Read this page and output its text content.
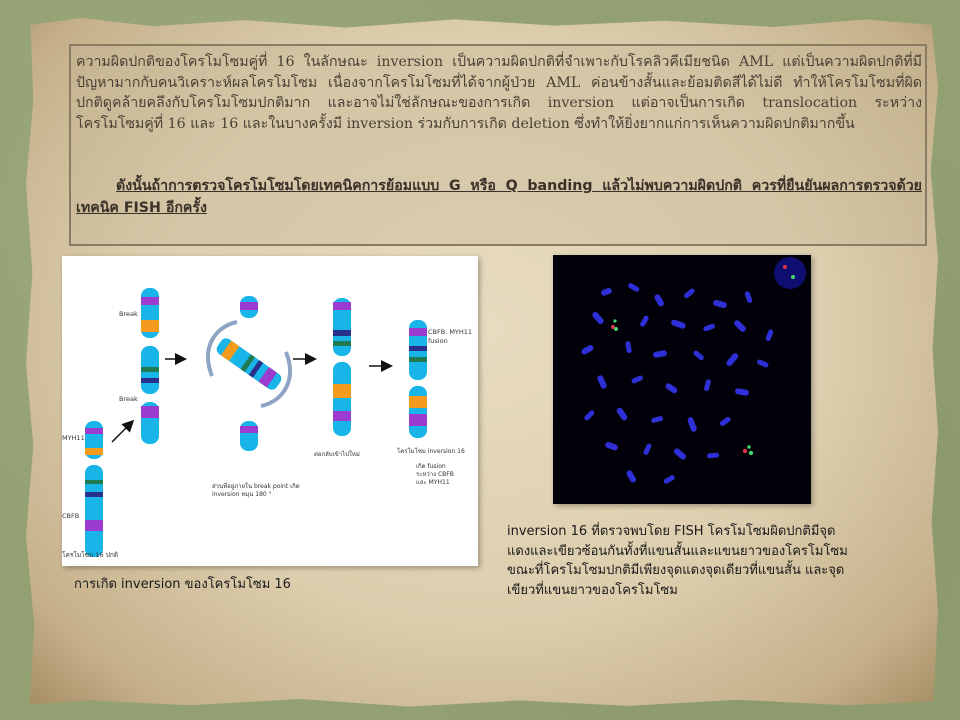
ความผิดปกติของโครโมโซมคู่ที่ 16 ในลักษณะ inversion เป็นความผิดปกติที่จำเพาะกับโรคลิวคีเมียชนิด AML แต่เป็นความผิดปกติที่มีปัญหามากกับคนวิเคราะห์ผลโครโมโซม เนื่องจากโครโมโซมที่ได้จากผู้ป่วย AML ค่อนข้างสั้นและย้อมติดสีได้ไม่ดี ทำให้โครโมโซมที่ผิดปกติดูคล้ายคลึงกับโครโมโซมปกติมาก และอาจไม่ใช่ลักษณะของการเกิด inversion แต่อาจเป็นการเกิด translocation ระหว่างโครโมโซมคู่ที่ 16 และ 16 และในบางครั้งมี inversion ร่วมกับการเกิด deletion ซึ่งทำให้ยิ่งยากแก่การเห็นความผิดปกติมากขึ้น

ดังนั้นถ้าการตรวจโครโมโซมโดยเทคนิคการย้อมแบบ G หรือ Q banding แล้วไม่พบความผิดปกติ ควรที่ยืนยันผลการตรวจด้วยเทคนิค FISH อีกครั้ง

MYH11
CBFB
โครโมโซม 16 ปกติ
Break
Break
ส่วนที่อยู่ภายใน break point เกิด
inversion หมุน 180 °
ต่อกลับเข้าไปใหม่
CBFB. MYH11
fusion
โครโมโซม inversion 16
เกิด fusion
ระหว่าง CBFB
และ MYH11

การเกิด inversion ของโครโมโซม 16

inversion 16 ที่ตรวจพบโดย FISH โครโมโซมผิดปกติมีจุดแดงและเขียวซ้อนกันทั้งที่แขนสั้นและแขนยาวของโครโมโซม ขณะที่โครโมโซมปกติมีเพียงจุดแดงจุดเดียวที่แขนสั้น และจุดเขียวที่แขนยาวของโครโมโซม
